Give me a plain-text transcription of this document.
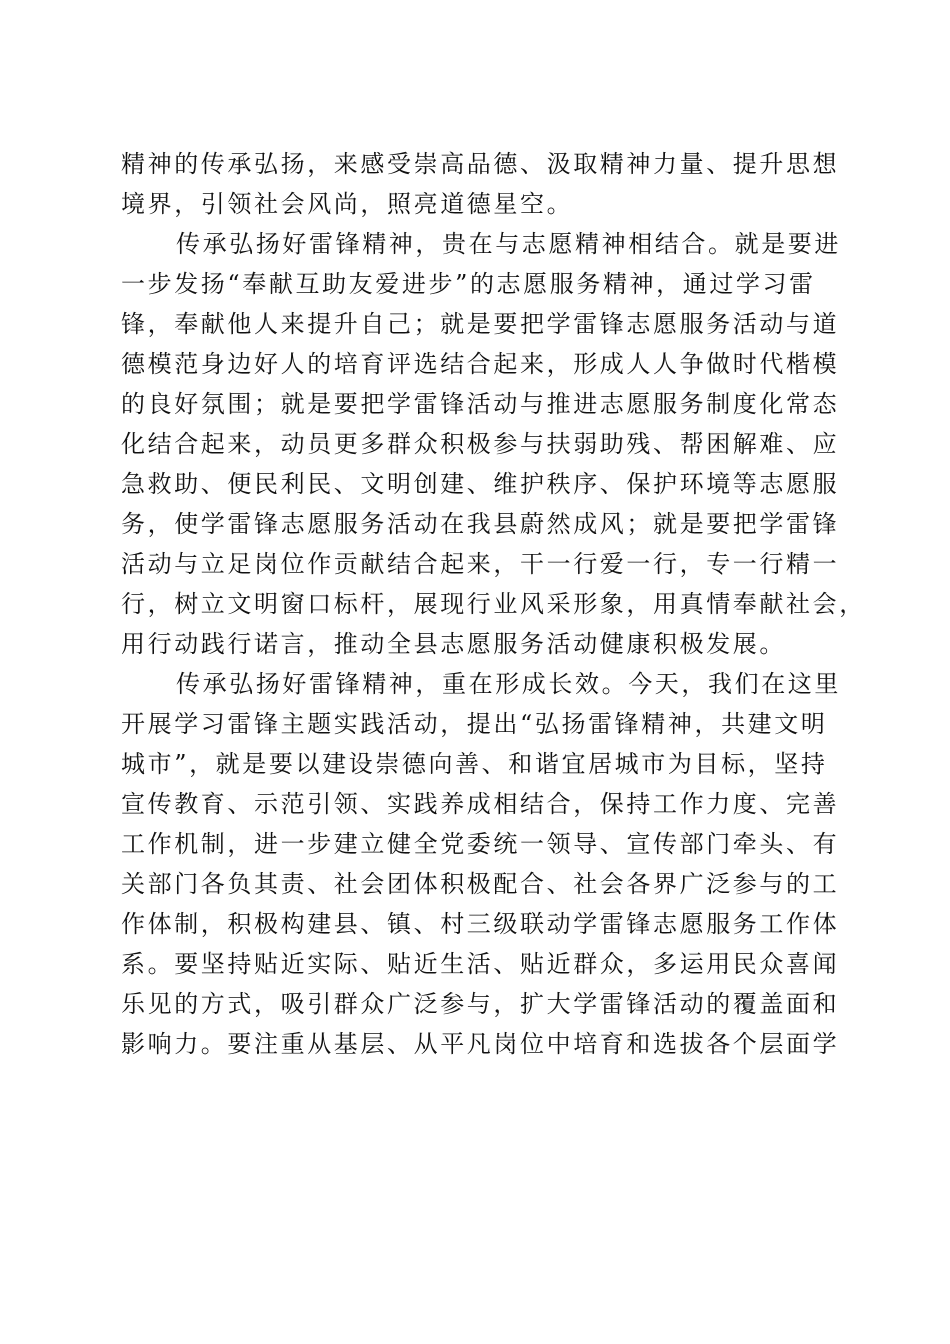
精神的传承弘扬，来感受崇高品德、汲取精神力量、提升思想
境界，引领社会风尚，照亮道德星空。

传承弘扬好雷锋精神，贵在与志愿精神相结合。就是要进
一步发扬“奉献互助友爱进步”的志愿服务精神，通过学习雷
锋，奉献他人来提升自己；就是要把学雷锋志愿服务活动与道
德模范身边好人的培育评选结合起来，形成人人争做时代楷模
的良好氛围；就是要把学雷锋活动与推进志愿服务制度化常态
化结合起来，动员更多群众积极参与扶弱助残、帮困解难、应
急救助、便民利民、文明创建、维护秩序、保护环境等志愿服
务，使学雷锋志愿服务活动在我县蔚然成风；就是要把学雷锋
活动与立足岗位作贡献结合起来，干一行爱一行，专一行精一
行，树立文明窗口标杆，展现行业风采形象，用真情奉献社会，
用行动践行诺言，推动全县志愿服务活动健康积极发展。

传承弘扬好雷锋精神，重在形成长效。今天，我们在这里
开展学习雷锋主题实践活动，提出“弘扬雷锋精神，共建文明
城市”，就是要以建设崇德向善、和谐宜居城市为目标，坚持
宣传教育、示范引领、实践养成相结合，保持工作力度、完善
工作机制，进一步建立健全党委统一领导、宣传部门牵头、有
关部门各负其责、社会团体积极配合、社会各界广泛参与的工
作体制，积极构建县、镇、村三级联动学雷锋志愿服务工作体
系。要坚持贴近实际、贴近生活、贴近群众，多运用民众喜闻
乐见的方式，吸引群众广泛参与，扩大学雷锋活动的覆盖面和
影响力。要注重从基层、从平凡岗位中培育和选拔各个层面学
